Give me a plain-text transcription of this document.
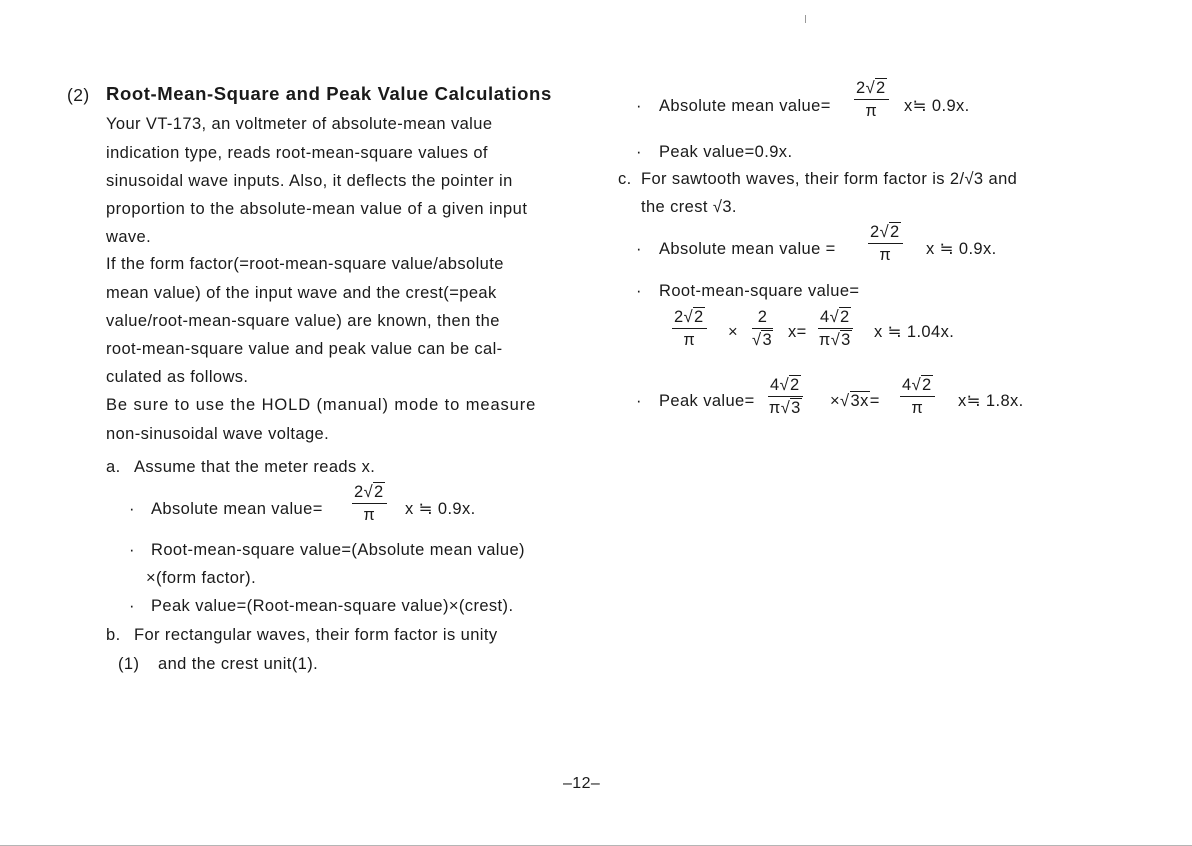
(2) Root-Mean-Square and Peak Value Calculations
Your VT-173, an voltmeter of absolute-mean value
indication type, reads root-mean-square values of
sinusoidal wave inputs. Also, it deflects the pointer in
proportion to the absolute-mean value of a given input
wave.
If the form factor(=root-mean-square value/absolute
mean value) of the input wave and the crest(=peak
value/root-mean-square value) are known, then the
root-mean-square value and peak value can be cal-
culated as follows.
Be sure to use the HOLD (manual) mode to measure
non-sinusoidal wave voltage.
a. Assume that the meter reads x.
· Absolute mean value=
2√2
π	x ≒ 0.9x.
· Root-mean-square value=(Absolute mean value)
×(form factor).
· Peak value=(Root-mean-square value)×(crest).
b. For rectangular waves, their form factor is unity
(1) and the crest unit(1).
· Absolute mean value=
2√2
π	x≒ 0.9x.
· Peak value=0.9x.
c. For sawtooth waves, their form factor is 2/√3 and
the crest √3.
· Absolute mean value =
2√2
π	x ≒ 0.9x.
· Root-mean-square value=
2√2
π	×
2
√3 x=
4√2
π√3 x ≒ 1.04x.
· Peak value=
4√2
π√3 ×√3x=
4√2
π	x≒ 1.8x.
–12–
